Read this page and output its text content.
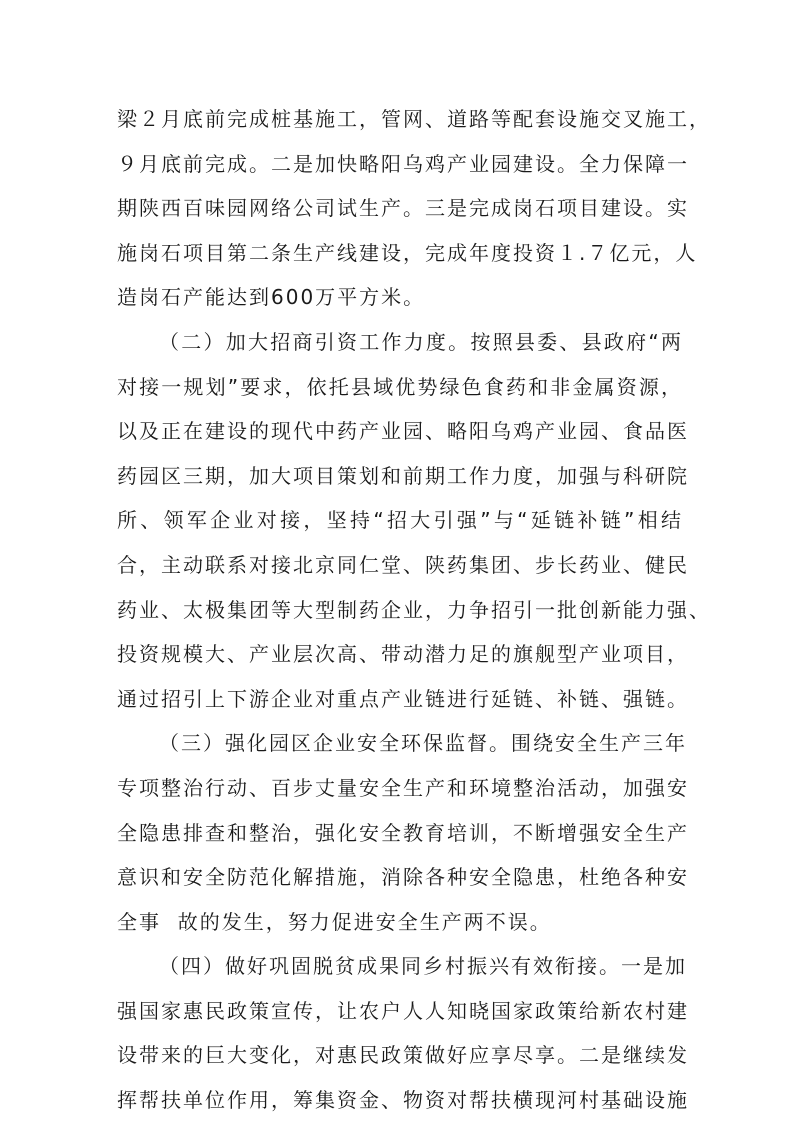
梁２月底前完成桩基施工，管网、道路等配套设施交叉施工，
９月底前完成。二是加快略阳乌鸡产业园建设。全力保障一
期陕西百味园网络公司试生产。三是完成岗石项目建设。实
施岗石项目第二条生产线建设，完成年度投资１.７亿元，人
造岗石产能达到600万平方米。
（二）加大招商引资工作力度。按照县委、县政府“两
对接一规划”要求，依托县域优势绿色食药和非金属资源，
以及正在建设的现代中药产业园、略阳乌鸡产业园、食品医
药园区三期，加大项目策划和前期工作力度，加强与科研院
所、领军企业对接，坚持“招大引强”与“延链补链”相结
合，主动联系对接北京同仁堂、陕药集团、步长药业、健民
药业、太极集团等大型制药企业，力争招引一批创新能力强、
投资规模大、产业层次高、带动潜力足的旗舰型产业项目，
通过招引上下游企业对重点产业链进行延链、补链、强链。
（三）强化园区企业安全环保监督。围绕安全生产三年
专项整治行动、百步丈量安全生产和环境整治活动，加强安
全隐患排查和整治，强化安全教育培训，不断增强安全生产
意识和安全防范化解措施，消除各种安全隐患，杜绝各种安
全事  故的发生，努力促进安全生产两不误。
（四）做好巩固脱贫成果同乡村振兴有效衔接。一是加
强国家惠民政策宣传，让农户人人知晓国家政策给新农村建
设带来的巨大变化，对惠民政策做好应享尽享。二是继续发
挥帮扶单位作用，筹集资金、物资对帮扶横现河村基础设施
